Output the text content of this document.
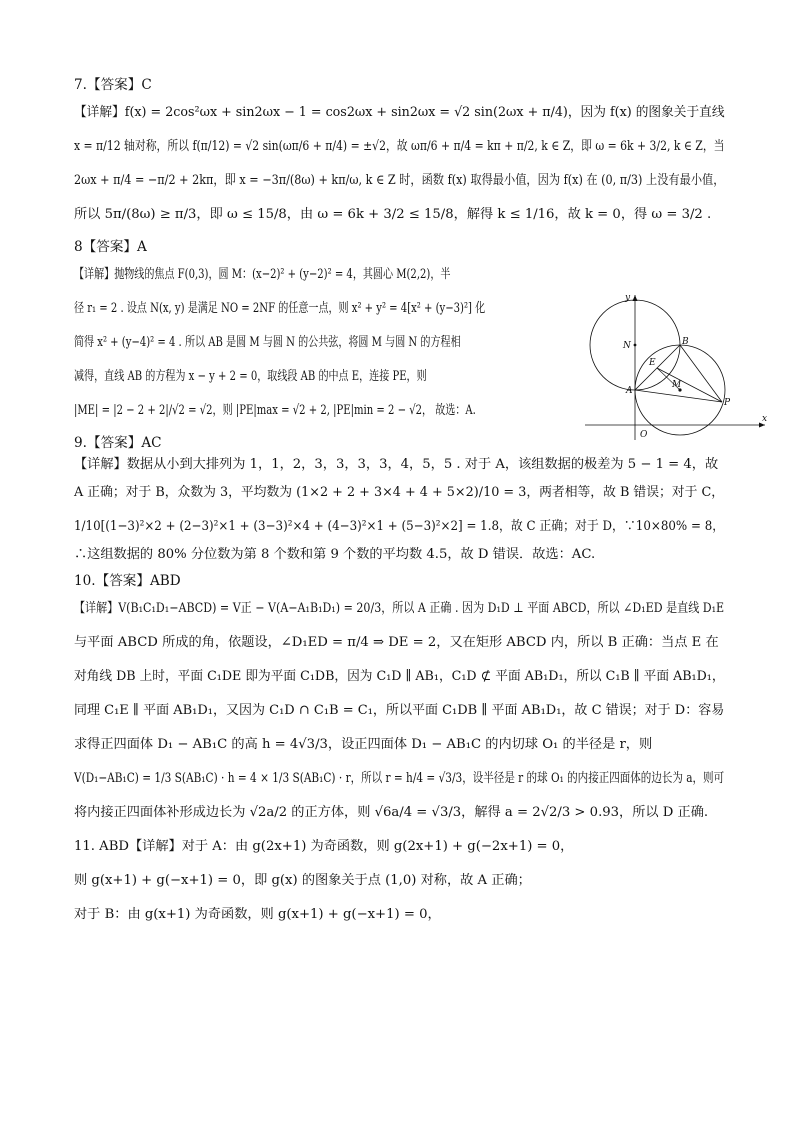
7.【答案】C
【详解】f(x) = 2cos²ωx + sin2ωx − 1 = cos2ωx + sin2ωx = √2 sin(2ωx + π/4)，因为 f(x) 的图象关于直线
x = π/12 轴对称，所以 f(π/12) = √2 sin(ωπ/6 + π/4) = ±√2，故 ωπ/6 + π/4 = kπ + π/2, k ∈ Z，即 ω = 6k + 3/2, k ∈ Z，当
2ωx + π/4 = −π/2 + 2kπ，即 x = −3π/(8ω) + kπ/ω, k ∈ Z 时，函数 f(x) 取得最小值，因为 f(x) 在 (0, π/3) 上没有最小值，
所以 5π/(8ω) ≥ π/3，即 ω ≤ 15/8，由 ω = 6k + 3/2 ≤ 15/8，解得 k ≤ 1/16，故 k = 0，得 ω = 3/2 .
8【答案】A
【详解】抛物线的焦点 F(0,3)，圆 M：(x−2)² + (y−2)² = 4，其圆心 M(2,2)，半
径 r₁ = 2 . 设点 N(x, y) 是满足 NO = 2NF 的任意一点，则 x² + y² = 4[x² + (y−3)²] 化
简得 x² + (y−4)² = 4 . 所以 AB 是圆 M 与圆 N 的公共弦，将圆 M 与圆 N 的方程相
减得，直线 AB 的方程为 x − y + 2 = 0，取线段 AB 的中点 E，连接 PE，则
|ME| = |2 − 2 + 2|/√2 = √2，则 |PE|max = √2 + 2, |PE|min = 2 − √2， 故选：A.
9.【答案】AC
【详解】数据从小到大排列为 1，1，2，3，3，3，3，4，5，5 . 对于 A，该组数据的极差为 5 − 1 = 4，故
A 正确；对于 B，众数为 3，平均数为 (1×2 + 2 + 3×4 + 4 + 5×2)/10 = 3，两者相等，故 B 错误；对于 C，
1/10[(1−3)²×2 + (2−3)²×1 + (3−3)²×4 + (4−3)²×1 + (5−3)²×2] = 1.8，故 C 正确；对于 D，∵10×80% = 8，
∴这组数据的 80% 分位数为第 8 个数和第 9 个数的平均数 4.5，故 D 错误．故选：AC.
10.【答案】ABD
【详解】V(B₁C₁D₁−ABCD) = V正 − V(A−A₁B₁D₁) = 20/3，所以 A 正确 . 因为 D₁D ⊥ 平面 ABCD，所以 ∠D₁ED 是直线 D₁E
与平面 ABCD 所成的角，依题设，∠D₁ED = π/4 ⇒ DE = 2，又在矩形 ABCD 内，所以 B 正确：当点 E 在
对角线 DB 上时，平面 C₁DE 即为平面 C₁DB，因为 C₁D ∥ AB₁，C₁D ⊄ 平面 AB₁D₁，所以 C₁B ∥ 平面 AB₁D₁，
同理 C₁E ∥ 平面 AB₁D₁，又因为 C₁D ∩ C₁B = C₁，所以平面 C₁DB ∥ 平面 AB₁D₁，故 C 错误；对于 D：容易
求得正四面体 D₁ − AB₁C 的高 h = 4√3/3，设正四面体 D₁ − AB₁C 的内切球 O₁ 的半径是 r，则
V(D₁−AB₁C) = 1/3 S(AB₁C) · h = 4 × 1/3 S(AB₁C) · r，所以 r = h/4 = √3/3，设半径是 r 的球 O₁ 的内接正四面体的边长为 a，则可
将内接正四面体补形成边长为 √2a/2 的正方体，则 √6a/4 = √3/3，解得 a = 2√2/3 > 0.93，所以 D 正确.
11. ABD【详解】对于 A：由 g(2x+1) 为奇函数，则 g(2x+1) + g(−2x+1) = 0，
则 g(x+1) + g(−x+1) = 0，即 g(x) 的图象关于点 (1,0) 对称，故 A 正确；
对于 B：由 g(x+1) 为奇函数，则 g(x+1) + g(−x+1) = 0，
x
y
N	B
E
M
A
P
O
